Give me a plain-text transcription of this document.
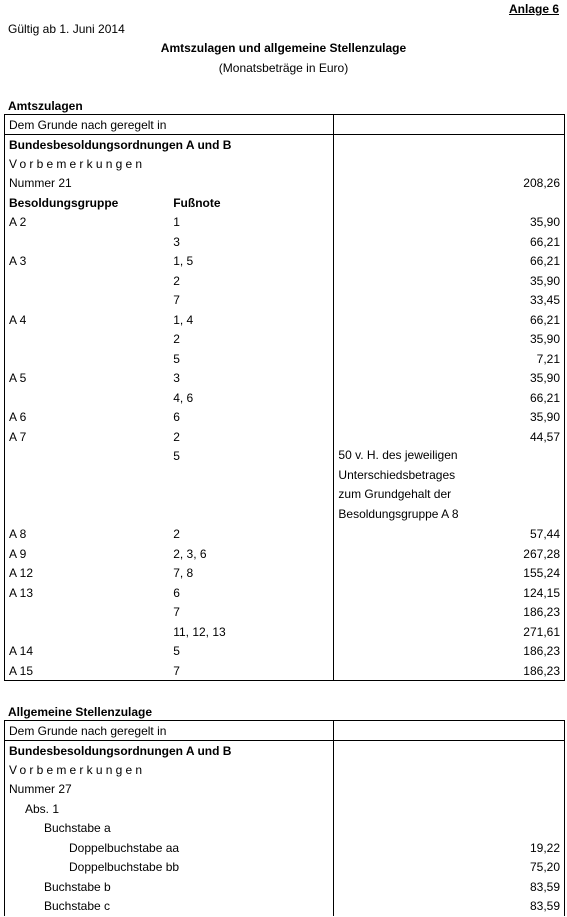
Anlage 6
Gültig ab 1. Juni 2014
Amtszulagen und allgemeine Stellenzulage
(Monatsbeträge in Euro)
Amtszulagen
Dem Grunde nach geregelt in		
Bundesbesoldungsordnungen A und B		
Vorbemerkungen		
Nummer 21		208,26
Besoldungsgruppe	Fußnote	
A 2	1	35,90
	3	66,21
A 3	1, 5	66,21
	2	35,90
	7	33,45
A 4	1, 4	66,21
	2	35,90
	5	7,21
A 5	3	35,90
	4, 6	66,21
A 6	6	35,90
A 7	2	44,57
	5	50 v. H. des jeweiligen
Unterschiedsbetrages
zum Grundgehalt der
Besoldungsgruppe A 8

A 8	2	57,44
A 9	2, 3, 6	267,28
A 12	7, 8	155,24
A 13	6	124,15
	7	186,23
	11, 12, 13	271,61
A 14	5	186,23
A 15	7	186,23
Allgemeine Stellenzulage
Dem Grunde nach geregelt in	
Bundesbesoldungsordnungen A und B	
Vorbemerkungen	
Nummer 27	
Abs. 1	
Buchstabe a	
Doppelbuchstabe aa	19,22
Doppelbuchstabe bb	75,20
Buchstabe b	83,59
Buchstabe c	83,59
